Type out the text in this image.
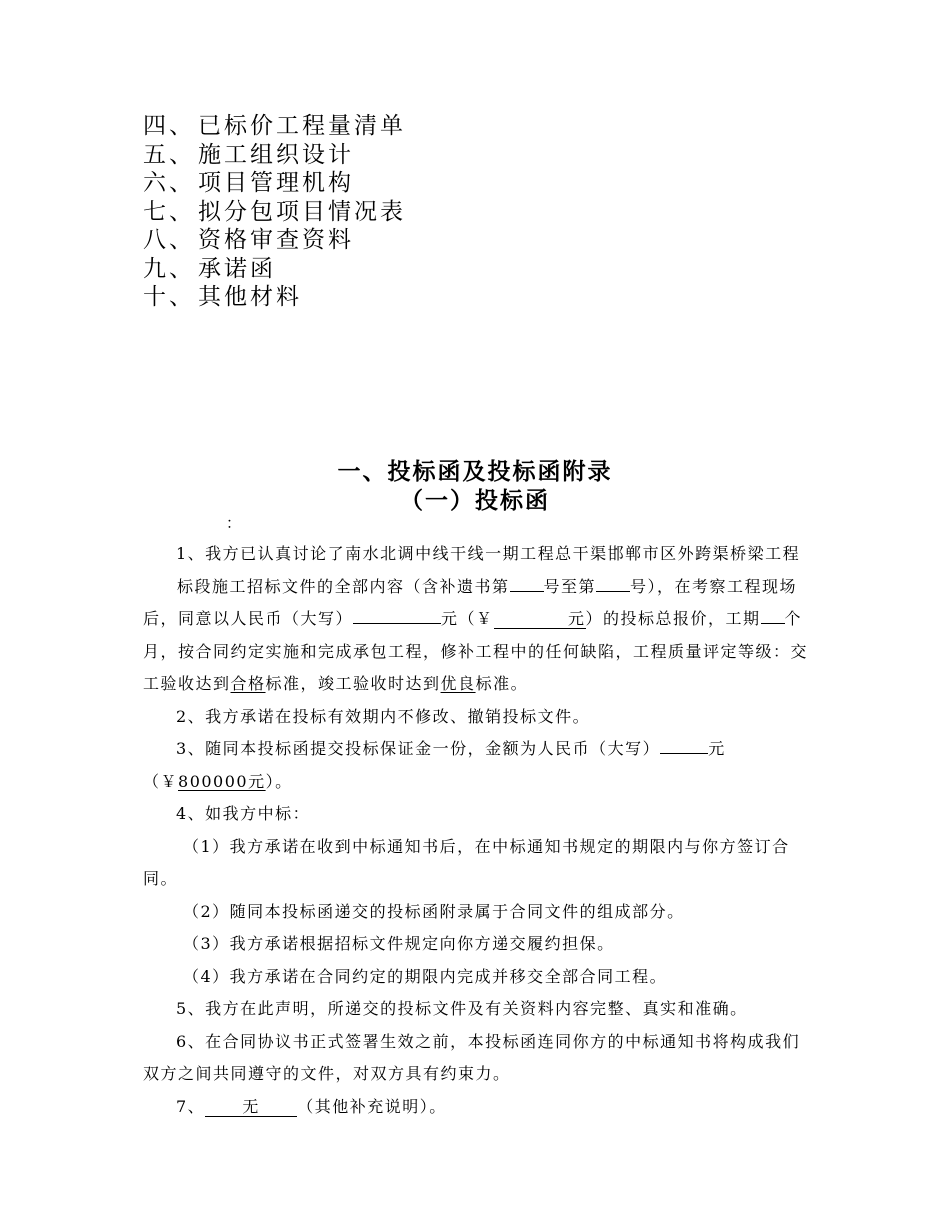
四、 已标价工程量清单
五、 施工组织设计
六、 项目管理机构
七、 拟分包项目情况表
八、 资格审查资料
九、 承诺函
十、 其他材料
一、投标函及投标函附录
（一）投标函
：

1、我方已认真讨论了南水北调中线干线一期工程总干渠邯郸市区外跨渠桥梁工程标段施工招标文件的全部内容（含补遗书第 号至第 号），在考察工程现场后，同意以人民币（大写）	元（￥	元）的投标总报价，工期 个月，按合同约定实施和完成承包工程，修补工程中的任何缺陷，工程质量评定等级：交工验收达到合格标准，竣工验收时达到优良标准。

2、我方承诺在投标有效期内不修改、撤销投标文件。

3、随同本投标函提交投标保证金一份，金额为人民币（大写）	元（￥800000元）。

4、如我方中标：

（1）我方承诺在收到中标通知书后，在中标通知书规定的期限内与你方签订合同。

（2）随同本投标函递交的投标函附录属于合同文件的组成部分。

（3）我方承诺根据招标文件规定向你方递交履约担保。

（4）我方承诺在合同约定的期限内完成并移交全部合同工程。

5、我方在此声明，所递交的投标文件及有关资料内容完整、真实和准确。

6、在合同协议书正式签署生效之前，本投标函连同你方的中标通知书将构成我们双方之间共同遵守的文件，对双方具有约束力。

7、 无 （其他补充说明）。
